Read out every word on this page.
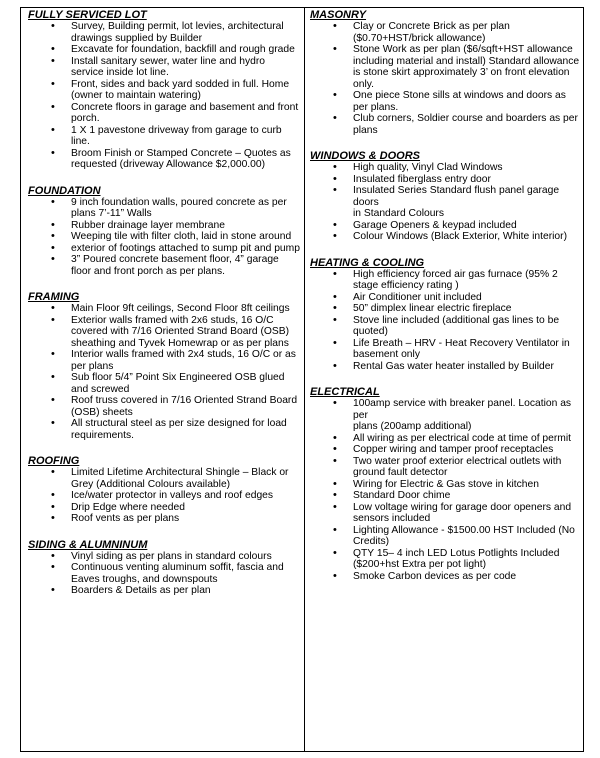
FULLY SERVICED LOT
• Survey, Building permit, lot levies, architectural drawings supplied by Builder
• Excavate for foundation, backfill and rough grade
• Install sanitary sewer, water line and hydro service inside lot line.
• Front, sides and back yard sodded in full. Home (owner to maintain watering)
• Concrete floors in garage and basement and front porch.
• 1 X 1 pavestone driveway from garage to curb line.
• Broom Finish or Stamped Concrete – Quotes as requested (driveway Allowance $2,000.00)
FOUNDATION
• 9 inch foundation walls, poured concrete as per plans 7’-11” Walls
• Rubber drainage layer membrane
• Weeping tile with filter cloth, laid in stone around
• exterior of footings attached to sump pit and pump
• 3” Poured concrete basement floor, 4” garage floor and front porch as per plans.
FRAMING
• Main Floor 9ft ceilings, Second Floor 8ft ceilings
• Exterior walls framed with 2x6 studs, 16 O/C covered with 7/16 Oriented Strand Board (OSB) sheathing and Tyvek Homewrap or as per plans
• Interior walls framed with 2x4 studs, 16 O/C or as per plans
• Sub floor 5/4” Point Six Engineered OSB glued and screwed
• Roof truss covered in 7/16 Oriented Strand Board (OSB) sheets
• All structural steel as per size designed for load requirements.
ROOFING
• Limited Lifetime Architectural Shingle – Black or Grey (Additional Colours available)
• Ice/water protector in valleys and roof edges
• Drip Edge where needed
• Roof vents as per plans
SIDING & ALUMNINUM
• Vinyl siding as per plans in standard colours
• Continuous venting aluminum soffit, fascia and Eaves troughs, and downspouts
• Boarders & Details as per plan
MASONRY
• Clay or Concrete Brick as per plan ($0.70+HST/brick allowance)
• Stone Work as per plan ($6/sqft+HST allowance including material and install) Standard allowance is stone skirt approximately 3’ on front elevation only.
• One piece Stone sills at windows and doors as per plans.
• Club corners, Soldier course and boarders as per plans
WINDOWS & DOORS
• High quality, Vinyl Clad Windows
• Insulated fiberglass entry door
• Insulated Series Standard flush panel garage doors
in Standard Colours
• Garage Openers & keypad included
• Colour Windows (Black Exterior, White interior)
HEATING & COOLING
• High efficiency forced air gas furnace (95% 2 stage efficiency rating )
• Air Conditioner unit included
• 50” dimplex linear electric fireplace
• Stove line included (additional gas lines to be quoted)
• Life Breath – HRV - Heat Recovery Ventilator in
basement only
• Rental Gas water heater installed by Builder
ELECTRICAL
• 100amp service with breaker panel. Location as per
plans (200amp additional)
• All wiring as per electrical code at time of permit
• Copper wiring and tamper proof receptacles
• Two water proof exterior electrical outlets with ground fault detector
• Wiring for Electric & Gas stove in kitchen
• Standard Door chime
• Low voltage wiring for garage door openers and
sensors included
• Lighting Allowance - $1500.00 HST Included (No
Credits)
• QTY 15– 4 inch LED Lotus Potlights Included ($200+hst Extra per pot light)
• Smoke Carbon devices as per code
